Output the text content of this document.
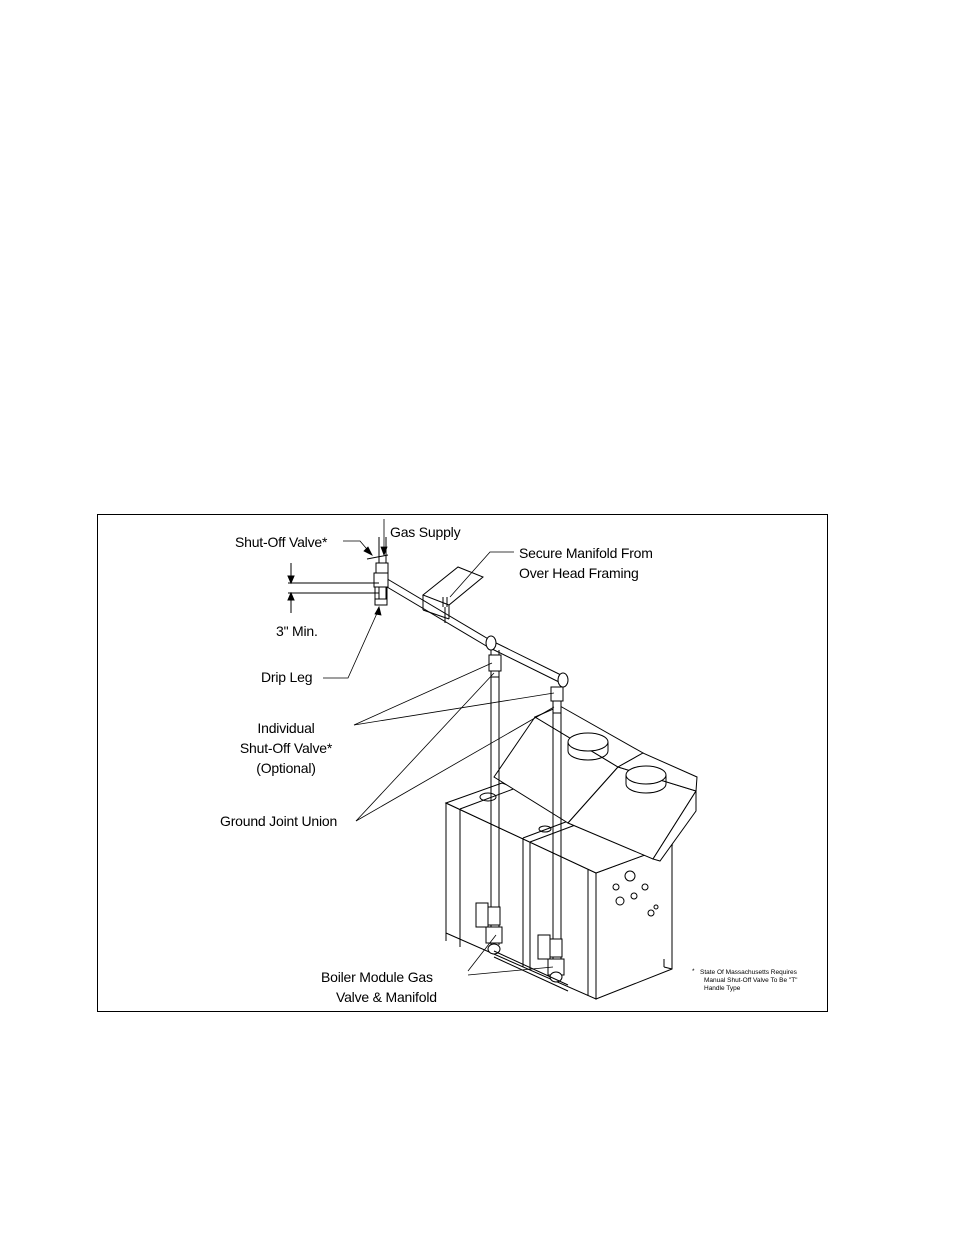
Shut-Off Valve*
Gas Supply
Secure Manifold From
Over Head Framing
3" Min.
Drip Leg
Individual
Shut-Off Valve*
(Optional)
Ground Joint Union
Boiler Module Gas
Valve & Manifold
* State Of Massachusetts Requires
Manual Shut-Off Valve To Be "T"
Handle Type
